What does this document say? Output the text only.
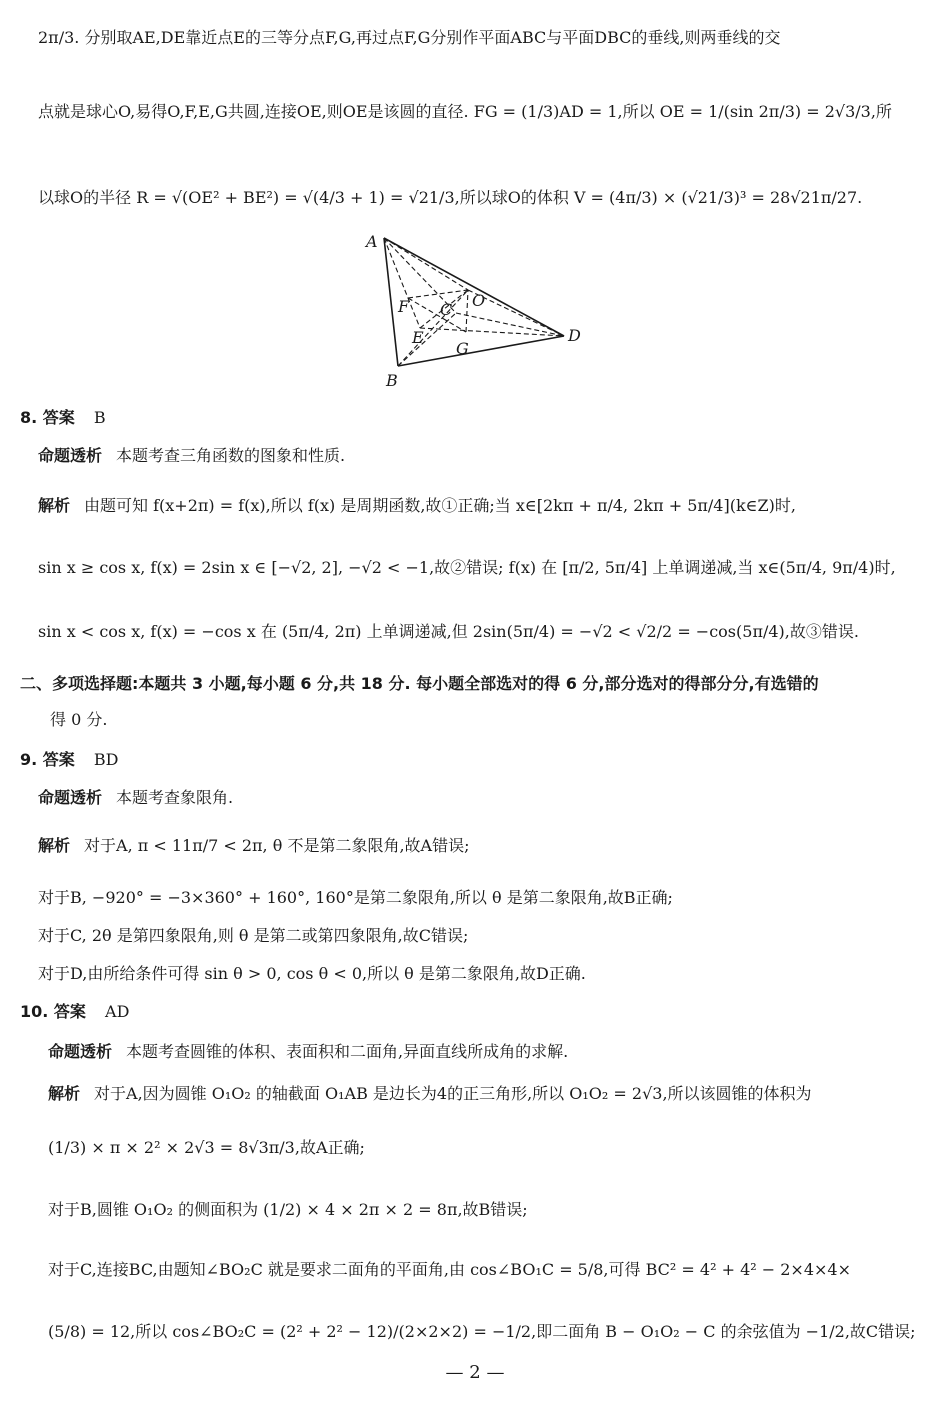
2π/3. 分别取AE,DE靠近点E的三等分点F,G,再过点F,G分别作平面ABC与平面DBC的垂线,则两垂线的交
点就是球心O,易得O,F,E,G共圆,连接OE,则OE是该圆的直径. FG = (1/3)AD = 1,所以 OE = 1/(sin 2π/3) = 2√3/3,所
以球O的半径 R = √(OE² + BE²) = √(4/3 + 1) = √21/3,所以球O的体积 V = (4π/3) × (√21/3)³ = 28√21π/27.
A
B
C
D
E
F
G
O
8. 答案 B
命题透析 本题考查三角函数的图象和性质.
解析 由题可知 f(x+2π) = f(x),所以 f(x) 是周期函数,故①正确;当 x∈[2kπ + π/4, 2kπ + 5π/4](k∈Z)时,
sin x ≥ cos x, f(x) = 2sin x ∈ [−√2, 2], −√2 < −1,故②错误; f(x) 在 [π/2, 5π/4] 上单调递减,当 x∈(5π/4, 9π/4)时,
sin x < cos x, f(x) = −cos x 在 (5π/4, 2π) 上单调递减,但 2sin(5π/4) = −√2 < √2/2 = −cos(5π/4),故③错误.
二、多项选择题:本题共 3 小题,每小题 6 分,共 18 分. 每小题全部选对的得 6 分,部分选对的得部分分,有选错的
得 0 分.
9. 答案 BD
命题透析 本题考查象限角.
解析 对于A, π < 11π/7 < 2π, θ 不是第二象限角,故A错误;
对于B, −920° = −3×360° + 160°, 160°是第二象限角,所以 θ 是第二象限角,故B正确;
对于C, 2θ 是第四象限角,则 θ 是第二或第四象限角,故C错误;
对于D,由所给条件可得 sin θ > 0, cos θ < 0,所以 θ 是第二象限角,故D正确.
10. 答案 AD
命题透析 本题考查圆锥的体积、表面积和二面角,异面直线所成角的求解.
解析 对于A,因为圆锥 O₁O₂ 的轴截面 O₁AB 是边长为4的正三角形,所以 O₁O₂ = 2√3,所以该圆锥的体积为
(1/3) × π × 2² × 2√3 = 8√3π/3,故A正确;
对于B,圆锥 O₁O₂ 的侧面积为 (1/2) × 4 × 2π × 2 = 8π,故B错误;
对于C,连接BC,由题知∠BO₂C 就是要求二面角的平面角,由 cos∠BO₁C = 5/8,可得 BC² = 4² + 4² − 2×4×4×
(5/8) = 12,所以 cos∠BO₂C = (2² + 2² − 12)/(2×2×2) = −1/2,即二面角 B − O₁O₂ − C 的余弦值为 −1/2,故C错误;
— 2 —
